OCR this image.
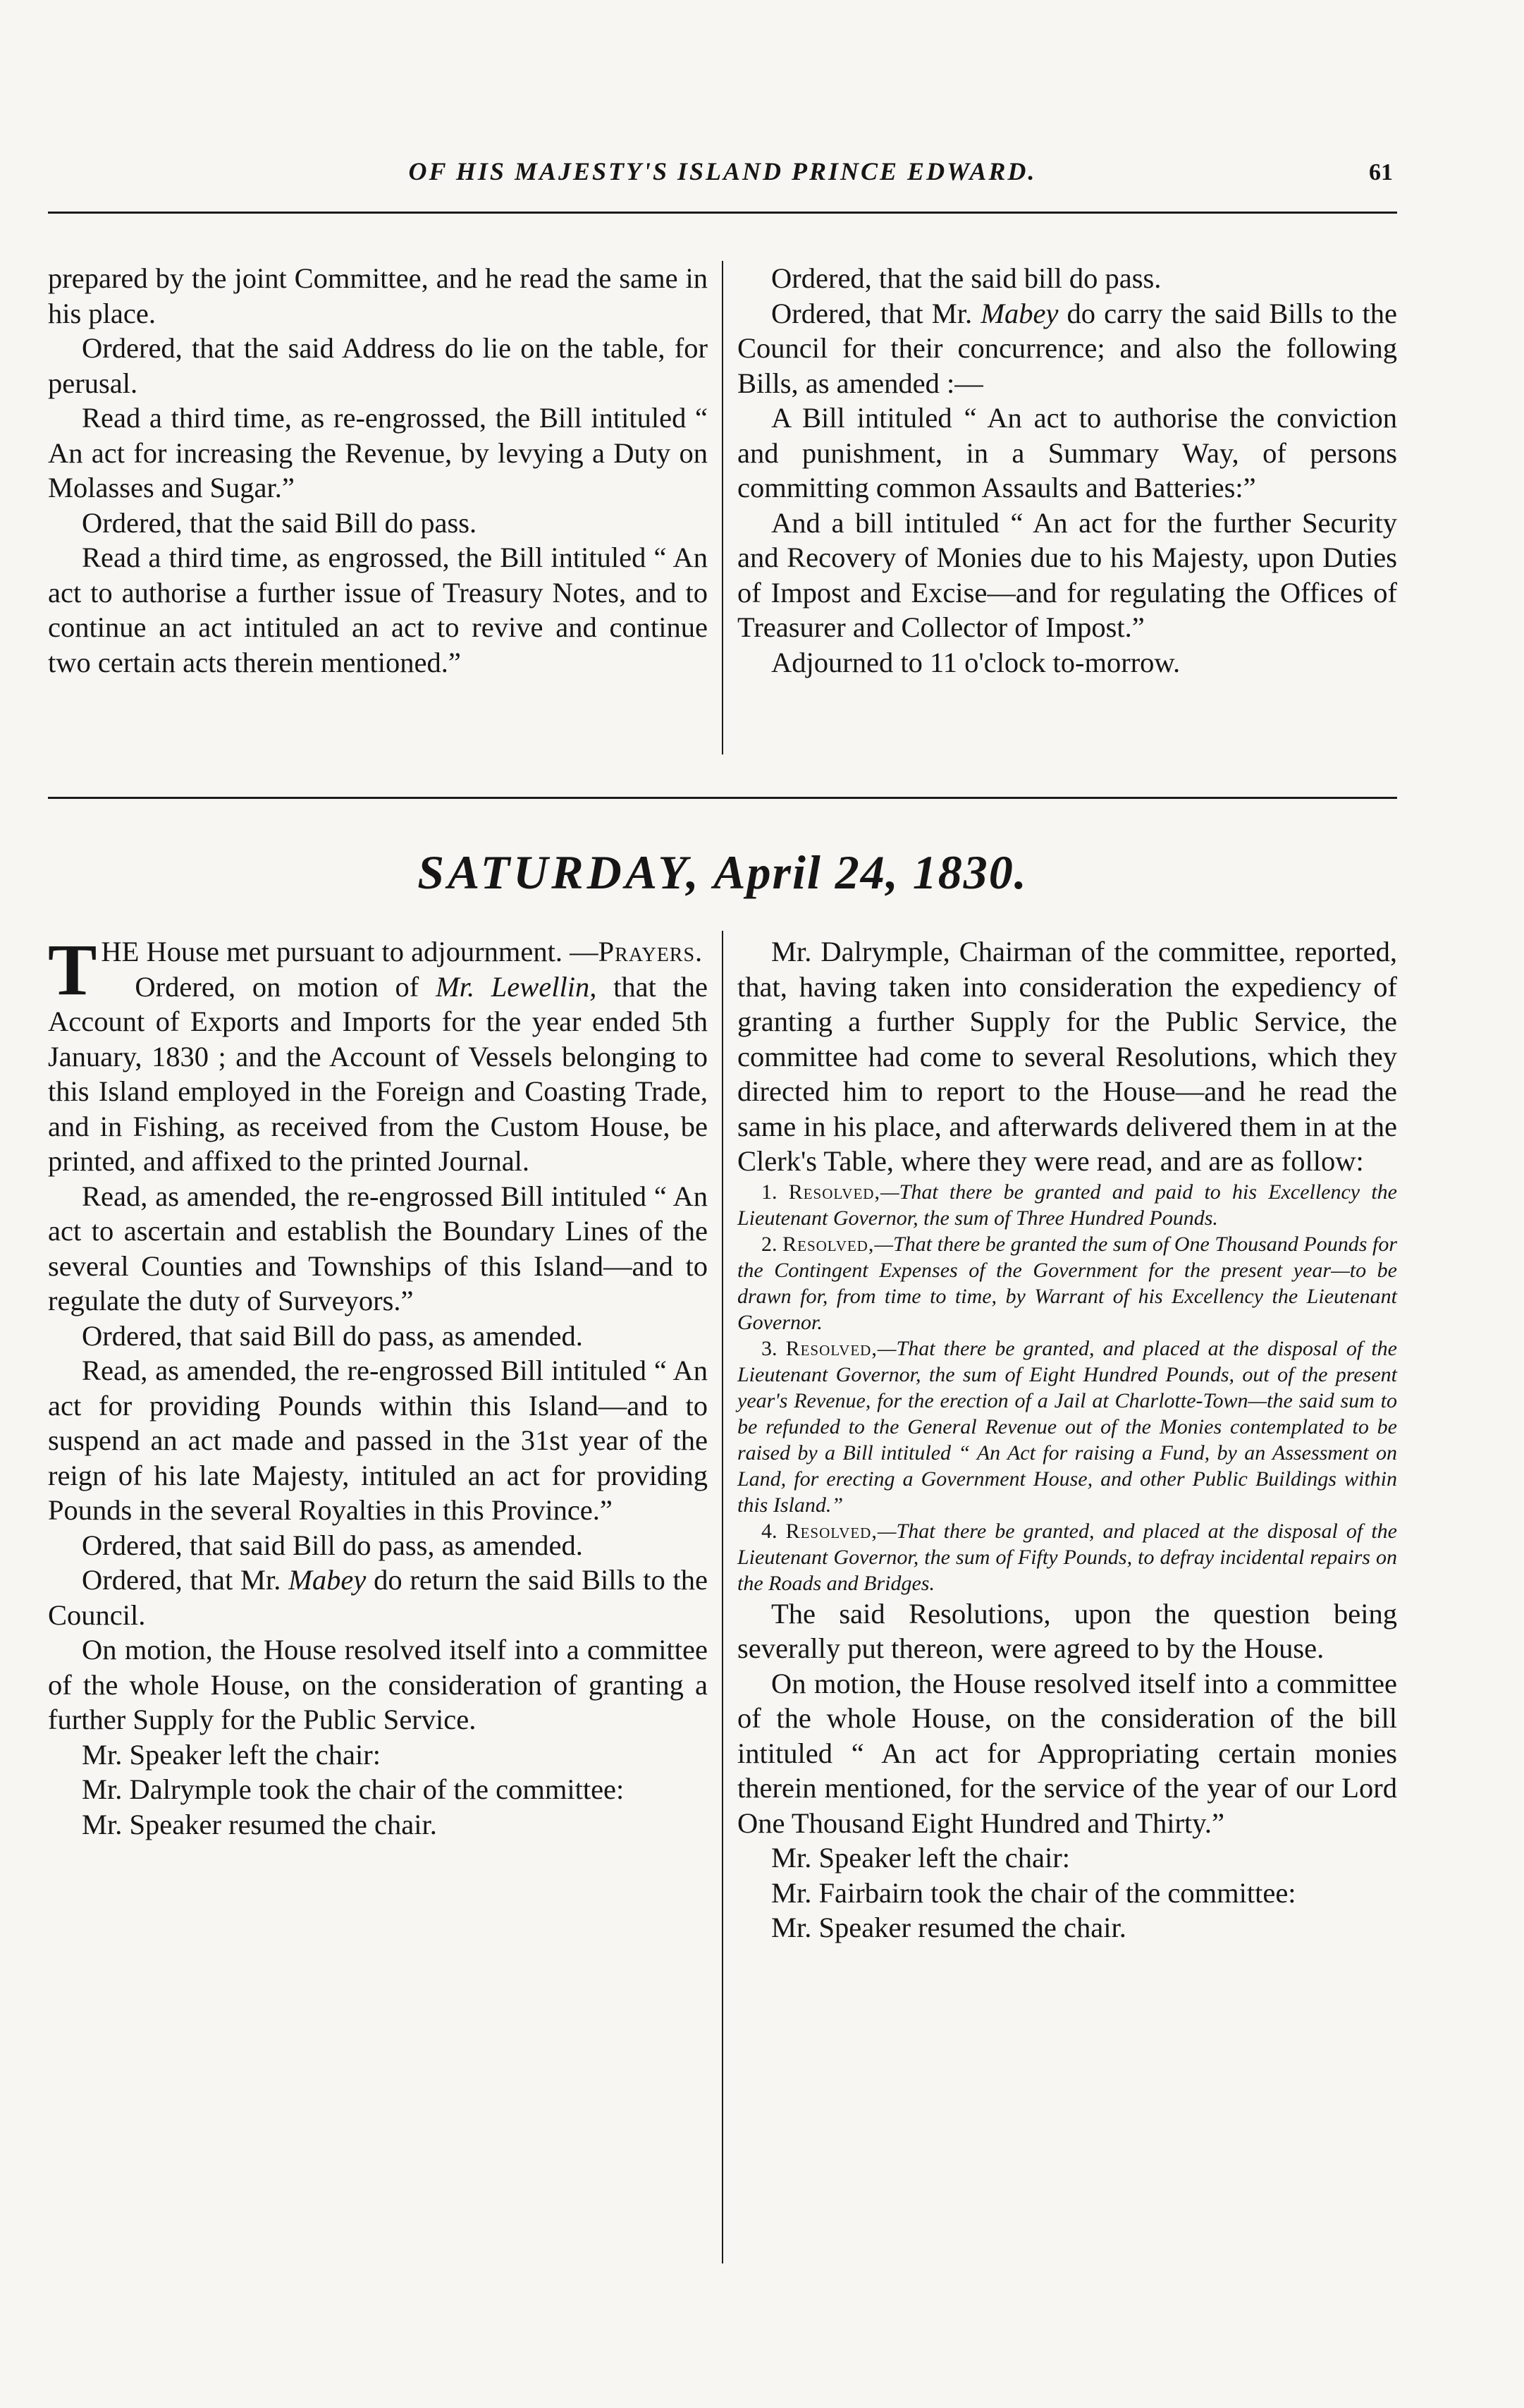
OF HIS MAJESTY'S ISLAND PRINCE EDWARD.	61

prepared by the joint Committee, and he read the same in his place.

Ordered, that the said Address do lie on the table, for perusal.

Read a third time, as re-engrossed, the Bill intituled “ An act for increasing the Revenue, by levying a Duty on Molasses and Sugar.”

Ordered, that the said Bill do pass.

Read a third time, as engrossed, the Bill intituled “ An act to authorise a further issue of Treasury Notes, and to continue an act intituled an act to revive and continue two certain acts therein mentioned.”

Ordered, that the said bill do pass.

Ordered, that Mr. Mabey do carry the said Bills to the Council for their concurrence; and also the following Bills, as amended :—

A Bill intituled “ An act to authorise the conviction and punishment, in a Summary Way, of persons committing common Assaults and Batteries:”

And a bill intituled “ An act for the further Security and Recovery of Monies due to his Majesty, upon Duties of Impost and Excise—and for regulating the Offices of Treasurer and Collector of Impost.”

Adjourned to 11 o'clock to-morrow.

SATURDAY, April 24, 1830.

THE House met pursuant to adjournment. —Prayers.

Ordered, on motion of Mr. Lewellin, that the Account of Exports and Imports for the year ended 5th January, 1830 ; and the Account of Vessels belonging to this Island employed in the Foreign and Coasting Trade, and in Fishing, as received from the Custom House, be printed, and affixed to the printed Journal.

Read, as amended, the re-engrossed Bill intituled “ An act to ascertain and establish the Boundary Lines of the several Counties and Townships of this Island—and to regulate the duty of Surveyors.”

Ordered, that said Bill do pass, as amended.

Read, as amended, the re-engrossed Bill intituled “ An act for providing Pounds within this Island—and to suspend an act made and passed in the 31st year of the reign of his late Majesty, intituled an act for providing Pounds in the several Royalties in this Province.”

Ordered, that said Bill do pass, as amended.

Ordered, that Mr. Mabey do return the said Bills to the Council.

On motion, the House resolved itself into a committee of the whole House, on the consideration of granting a further Supply for the Public Service.

Mr. Speaker left the chair:

Mr. Dalrymple took the chair of the committee:

Mr. Speaker resumed the chair.

Mr. Dalrymple, Chairman of the committee, reported, that, having taken into consideration the expediency of granting a further Supply for the Public Service, the committee had come to several Resolutions, which they directed him to report to the House—and he read the same in his place, and afterwards delivered them in at the Clerk's Table, where they were read, and are as follow:

1. Resolved,—That there be granted and paid to his Excellency the Lieutenant Governor, the sum of Three Hundred Pounds.

2. Resolved,—That there be granted the sum of One Thousand Pounds for the Contingent Expenses of the Government for the present year—to be drawn for, from time to time, by Warrant of his Excellency the Lieutenant Governor.

3. Resolved,—That there be granted, and placed at the disposal of the Lieutenant Governor, the sum of Eight Hundred Pounds, out of the present year's Revenue, for the erection of a Jail at Charlotte-Town—the said sum to be refunded to the General Revenue out of the Monies contemplated to be raised by a Bill intituled “ An Act for raising a Fund, by an Assessment on Land, for erecting a Government House, and other Public Buildings within this Island.”

4. Resolved,—That there be granted, and placed at the disposal of the Lieutenant Governor, the sum of Fifty Pounds, to defray incidental repairs on the Roads and Bridges.

The said Resolutions, upon the question being severally put thereon, were agreed to by the House.

On motion, the House resolved itself into a committee of the whole House, on the consideration of the bill intituled “ An act for Appropriating certain monies therein mentioned, for the service of the year of our Lord One Thousand Eight Hundred and Thirty.”

Mr. Speaker left the chair:

Mr. Fairbairn took the chair of the committee:

Mr. Speaker resumed the chair.
